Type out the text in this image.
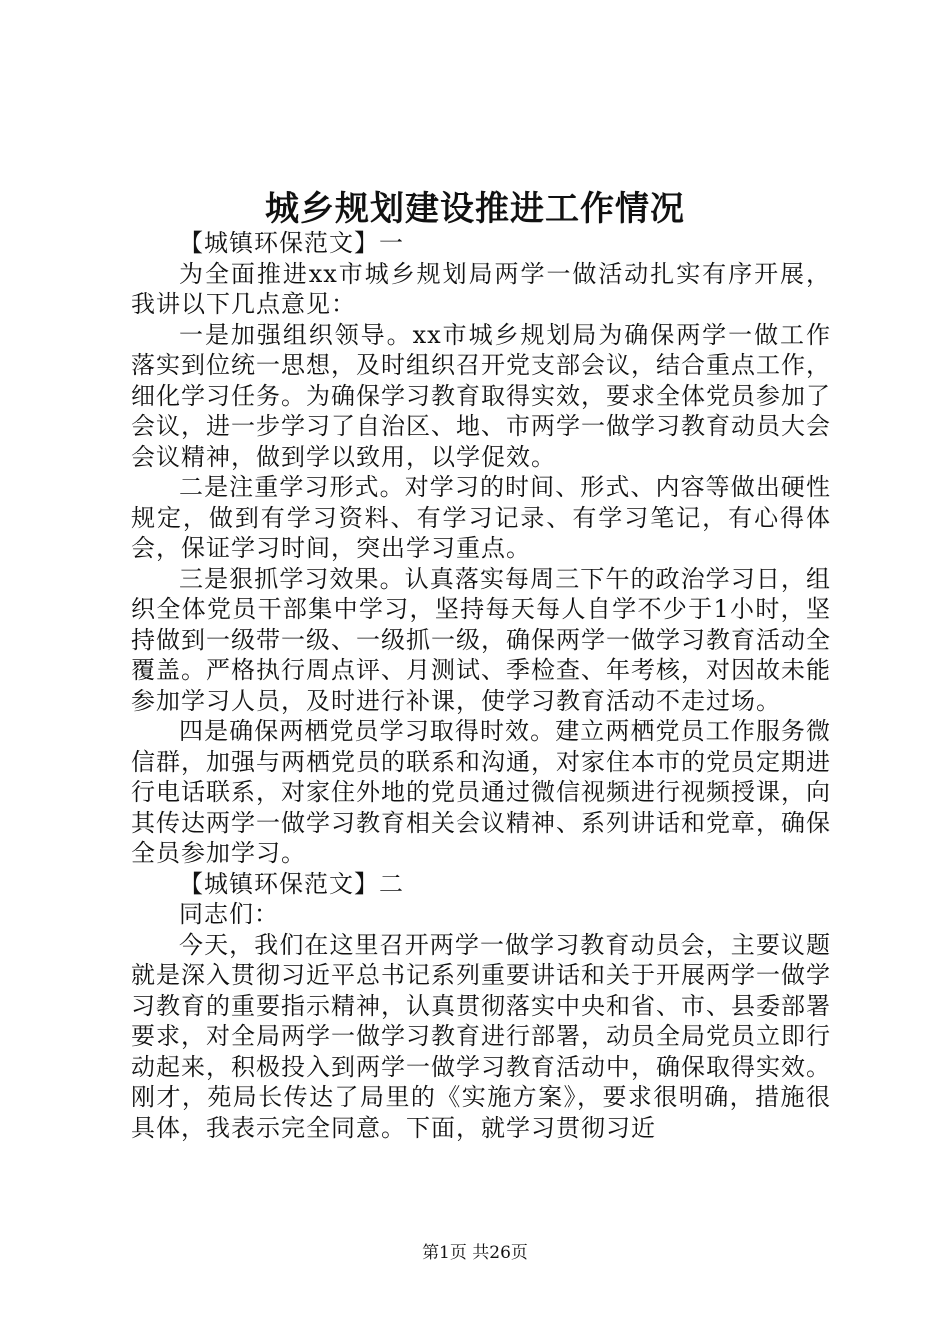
城乡规划建设推进工作情况

【城镇环保范文】一

为全面推进xx市城乡规划局两学一做活动扎实有序开展，我讲以下几点意见：

一是加强组织领导。xx市城乡规划局为确保两学一做工作落实到位统一思想，及时组织召开党支部会议，结合重点工作，细化学习任务。为确保学习教育取得实效，要求全体党员参加了会议，进一步学习了自治区、地、市两学一做学习教育动员大会会议精神，做到学以致用，以学促效。

二是注重学习形式。对学习的时间、形式、内容等做出硬性规定，做到有学习资料、有学习记录、有学习笔记，有心得体会，保证学习时间，突出学习重点。

三是狠抓学习效果。认真落实每周三下午的政治学习日，组织全体党员干部集中学习，坚持每天每人自学不少于1小时，坚持做到一级带一级、一级抓一级，确保两学一做学习教育活动全覆盖。严格执行周点评、月测试、季检查、年考核，对因故未能参加学习人员，及时进行补课，使学习教育活动不走过场。

四是确保两栖党员学习取得时效。建立两栖党员工作服务微信群，加强与两栖党员的联系和沟通，对家住本市的党员定期进行电话联系，对家住外地的党员通过微信视频进行视频授课，向其传达两学一做学习教育相关会议精神、系列讲话和党章，确保全员参加学习。

【城镇环保范文】二

同志们：

今天，我们在这里召开两学一做学习教育动员会，主要议题就是深入贯彻习近平总书记系列重要讲话和关于开展两学一做学习教育的重要指示精神，认真贯彻落实中央和省、市、县委部署要求，对全局两学一做学习教育进行部署，动员全局党员立即行动起来，积极投入到两学一做学习教育活动中，确保取得实效。刚才，苑局长传达了局里的《实施方案》，要求很明确，措施很具体，我表示完全同意。下面，就学习贯彻习近

第1页 共26页
